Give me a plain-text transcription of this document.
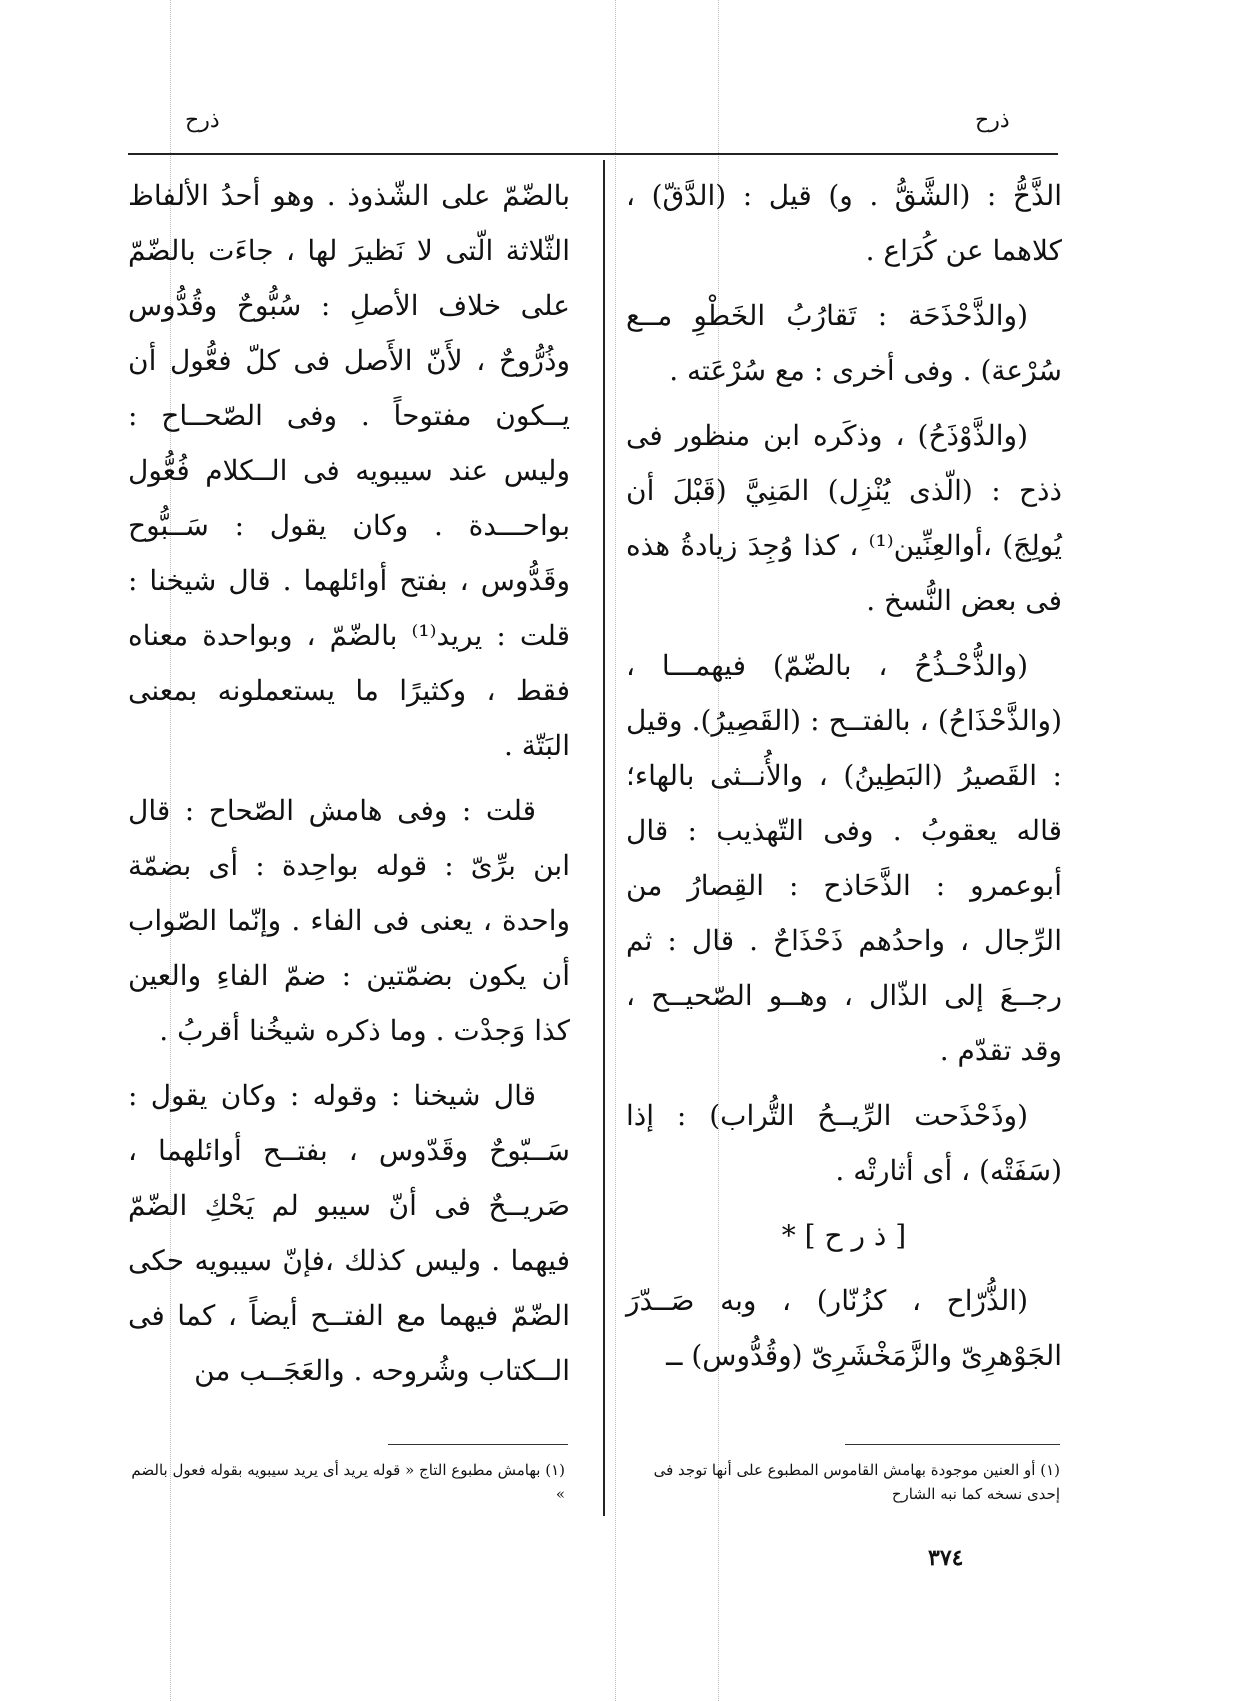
ذرح
ذرح

الذَّحُّ : (الشَّقُّ . و) قيل : (الدَّقّ) ، كلاهما عن كُرَاع .

(والذَّحْذَحَة : تَقارُبُ الخَطْوِ مــع سُرْعة) . وفى أخرى : مع سُرْعَته .

(والذَّوْذَحُ) ، وذكَره ابن منظور فى ذذح : (الّذى يُنْزِل) المَنِيَّ (قَبْلَ أن يُولِجَ) ،أوالعِنِّين⁽¹⁾ ، كذا وُجِدَ زيادةُ هذه فى بعض النُّسخ .

(والذُّحْـذُحُ ، بالضّمّ) فيهمـــا ، (والذَّحْذَاحُ) ، بالفتــح : (القَصِيرُ). وقيل : القَصيرُ (البَطِينُ) ، والأُنــثى بالهاء؛ قاله يعقوبُ . وفى التّهذيب : قال أبوعمرو : الذَّحَاذح : القِصارُ من الرِّجال ، واحدُهم ذَحْذَاحٌ . قال : ثم رجــعَ إلى الذّال ، وهــو الصّحيــح ، وقد تقدّم .

(وذَحْذَحت الرِّيــحُ التُّراب) : إذا (سَفَتْه) ، أى أثارتْه .

[ ذ ر ح ] *

(الذُّرّاح ، كزُنّار) ، وبه صَــدّرَ الجَوْهرِىّ والزَّمَخْشَرِىّ (وقُدُّوس) ــ

بالضّمّ على الشّذوذ . وهو أحدُ الألفاظ الثّلاثة الّتى لا نَظيرَ لها ، جاءَت بالضّمّ على خلاف الأصلِ : سُبُّوحٌ وقُدُّوس وذُرُّوحٌ ، لأَنّ الأَصل فى كلّ فعُّول أن يــكون مفتوحاً . وفى الصّحــاح : وليس عند سيبويه فى الــكلام فُعُّول بواحـــدة . وكان يقول : سَــبُّوح وقَدُّوس ، بفتح أوائلهما . قال شيخنا : قلت : يريد⁽¹⁾ بالضّمّ ، وبواحدة معناه فقط ، وكثيرًا ما يستعملونه بمعنى البَتّة .

قلت : وفى هامش الصّحاح : قال ابن برِّىّ : قوله بواحِدة : أى بضمّة واحدة ، يعنى فى الفاء . وإنّما الصّواب أن يكون بضمّتين : ضمّ الفاءِ والعين كذا وَجدْت . وما ذكره شيخُنا أقربُ .

قال شيخنا : وقوله : وكان يقول : سَــبّوحٌ وقَدّوس ، بفتــح أوائلهما ، صَريــحٌ فى أنّ سيبو لم يَحْكِ الضّمّ فيهما . وليس كذلك ،فإنّ سيبويه حكى الضّمّ فيهما مع الفتــح أيضاً ، كما فى الــكتاب وشُروحه . والعَجَــب من

(١) أو العنين موجودة بهامش القاموس المطبوع على أنها توجد فى إحدى نسخه كما نبه الشارح
(١) بهامش مطبوع التاج « قوله يريد أى يريد سيبويه بقوله فعول بالضم »
٣٧٤
